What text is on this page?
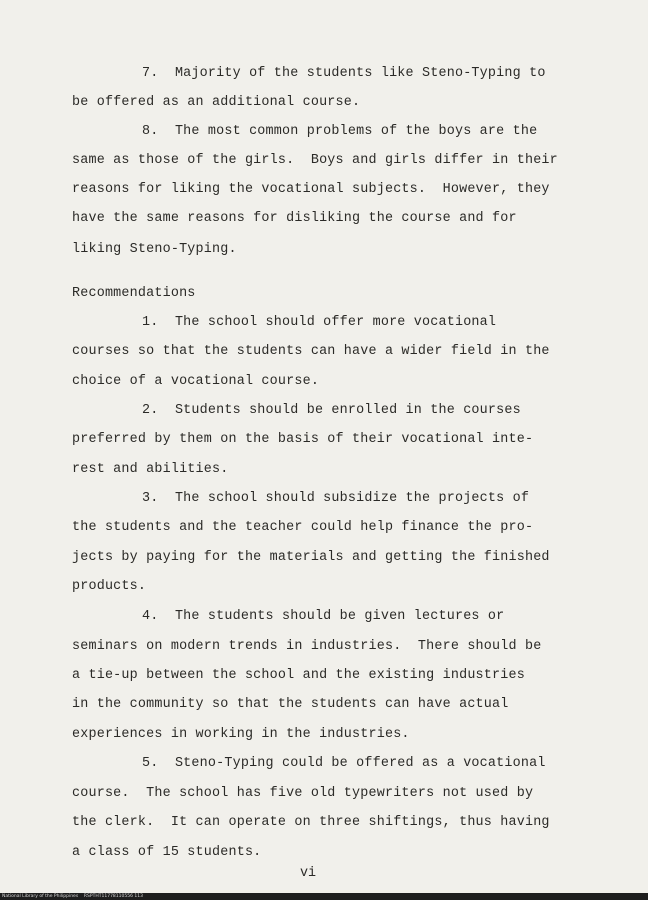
7.  Majority of the students like Steno-Typing to
be offered as an additional course.
8.  The most common problems of the boys are the
same as those of the girls.  Boys and girls differ in their
reasons for liking the vocational subjects.  However, they
have the same reasons for disliking the course and for
liking Steno-Typing.
Recommendations
1.  The school should offer more vocational
courses so that the students can have a wider field in the
choice of a vocational course.
2.  Students should be enrolled in the courses
preferred by them on the basis of their vocational inte-
rest and abilities.
3.  The school should subsidize the projects of
the students and the teacher could help finance the pro-
jects by paying for the materials and getting the finished
products.
4.  The students should be given lectures or
seminars on modern trends in industries.  There should be
a tie-up between the school and the existing industries
in the community so that the students can have actual
experiences in working in the industries.
5.  Steno-Typing could be offered as a vocational
course.  The school has five old typewriters not used by
the clerk.  It can operate on three shiftings, thus having
a class of 15 students.
vi
National Library of the Philippines    RSPTHT11778110556 113
